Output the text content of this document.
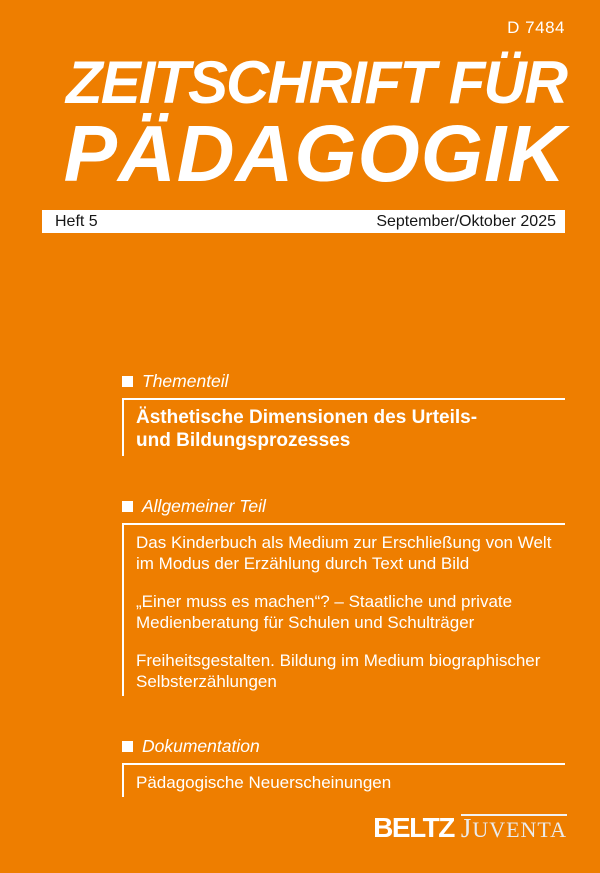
D 7484
ZEITSCHRIFT FÜR
PÄDAGOGIK
Heft 5	September/Oktober 2025
Thementeil
Ästhetische Dimensionen des Urteils-
und Bildungsprozesses
Allgemeiner Teil
Das Kinderbuch als Medium zur Erschließung von Welt
im Modus der Erzählung durch Text und Bild
„Einer muss es machen“? – Staatliche und private
Medienberatung für Schulen und Schulträger
Freiheitsgestalten. Bildung im Medium biographischer
Selbsterzählungen
Dokumentation
Pädagogische Neuerscheinungen
BELTZ JUVENTA
